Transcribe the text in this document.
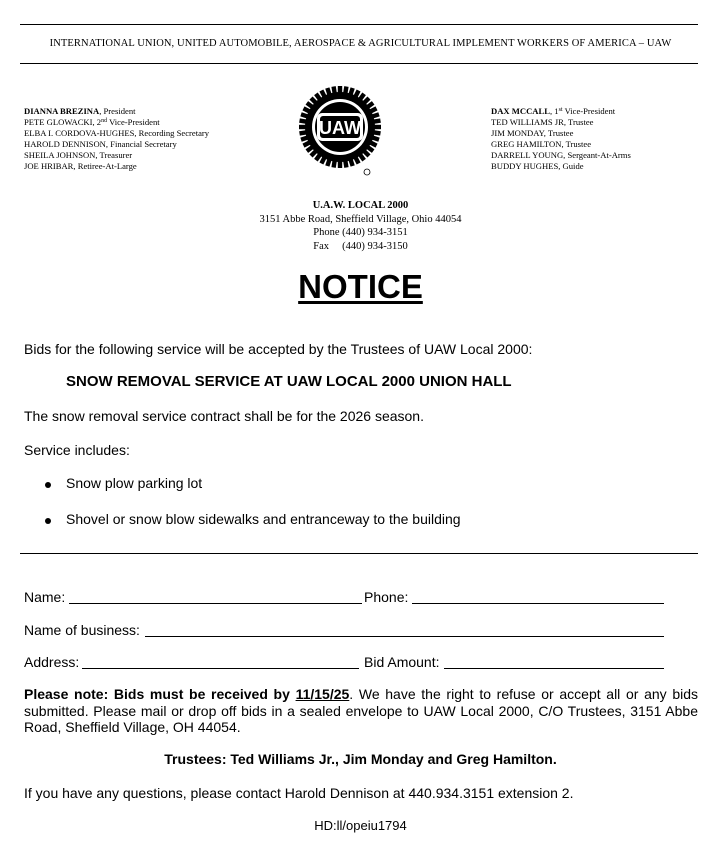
INTERNATIONAL UNION, UNITED AUTOMOBILE, AEROSPACE & AGRICULTURAL IMPLEMENT WORKERS OF AMERICA – UAW
DIANNA BREZINA, President
PETE GLOWACKI, 2nd Vice-President
ELBA I. CORDOVA-HUGHES, Recording Secretary
HAROLD DENNISON, Financial Secretary
SHEILA JOHNSON, Treasurer
JOE HRIBAR, Retiree-At-Large
DAX MCCALL, 1st Vice-President
TED WILLIAMS JR, Trustee
JIM MONDAY, Trustee
GREG HAMILTON, Trustee
DARRELL YOUNG, Sergeant-At-Arms
BUDDY HUGHES, Guide
UAW
U.A.W. LOCAL 2000
3151 Abbe Road, Sheffield Village, Ohio 44054
Phone (440) 934-3151
Fax     (440) 934-3150
NOTICE
Bids for the following service will be accepted by the Trustees of UAW Local 2000:
SNOW REMOVAL SERVICE AT UAW LOCAL 2000 UNION HALL
The snow removal service contract shall be for the 2026 season.
Service includes:
Snow plow parking lot
Shovel or snow blow sidewalks and entranceway to the building
Name:	Phone:
Name of business:
Address:	Bid Amount:
Please note: Bids must be received by 11/15/25. We have the right to refuse or accept all or any bids submitted. Please mail or drop off bids in a sealed envelope to UAW Local 2000, C/O Trustees, 3151 Abbe Road, Sheffield Village, OH 44054.
Trustees: Ted Williams Jr., Jim Monday and Greg Hamilton.
If you have any questions, please contact Harold Dennison at 440.934.3151 extension 2.
HD:ll/opeiu1794
